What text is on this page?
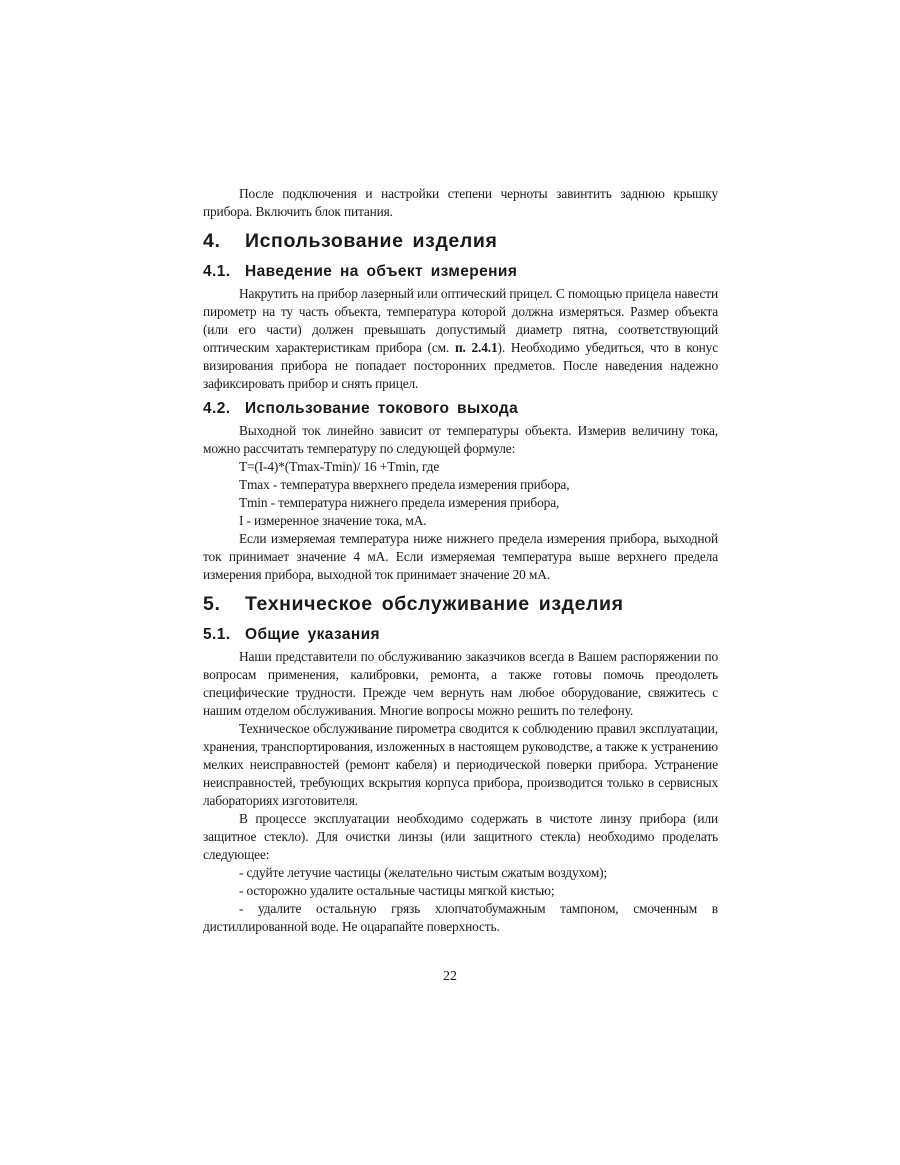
После подключения и настройки степени черноты завинтить заднюю крышку прибора. Включить блок питания.

4. Использование изделия
4.1. Наведение на объект измерения

Накрутить на прибор лазерный или оптический прицел. С помощью прицела навести пирометр на ту часть объекта, температура которой должна измеряться. Размер объекта (или его части) должен превышать допустимый диаметр пятна, соответствующий оптическим характеристикам прибора (см. п. 2.4.1). Необходимо убедиться, что в конус визирования прибора не попадает посторонних предметов. После наведения надежно зафиксировать прибор и снять прицел.

4.2. Использование токового выхода

Выходной ток линейно зависит от температуры объекта. Измерив величину тока, можно рассчитать температуру по следующей формуле:

T=(I-4)*(Tmax-Tmin)/ 16 +Tmin, где

Tmax - температура вверхнего предела измерения прибора,

Tmin - температура нижнего предела измерения прибора,

I - измеренное значение тока, мА.

Если измеряемая температура ниже нижнего предела измерения прибора, выходной ток принимает значение 4 мА. Если измеряемая температура выше верхнего предела измерения прибора, выходной ток принимает значение 20 мА.

5. Техническое обслуживание изделия
5.1. Общие указания

Наши представители по обслуживанию заказчиков всегда в Вашем распоряжении по вопросам применения, калибровки, ремонта, а также готовы помочь преодолеть специфические трудности. Прежде чем вернуть нам любое оборудование, свяжитесь с нашим отделом обслуживания. Многие вопросы можно решить по телефону.

Техническое обслуживание пирометра сводится к соблюдению правил эксплуатации, хранения, транспортирования, изложенных в настоящем руководстве, а также к устранению мелких неисправностей (ремонт кабеля) и периодической поверки прибора. Устранение неисправностей, требующих вскрытия корпуса прибора, производится только в сервисных лабораториях изготовителя.

В процессе эксплуатации необходимо содержать в чистоте линзу прибора (или защитное стекло). Для очистки линзы (или защитного стекла) необходимо проделать следующее:

- сдуйте летучие частицы (желательно чистым сжатым воздухом);

- осторожно удалите остальные частицы мягкой кистью;

- удалите остальную грязь хлопчатобумажным тампоном, смоченным в дистиллированной воде. Не оцарапайте поверхность.

22
